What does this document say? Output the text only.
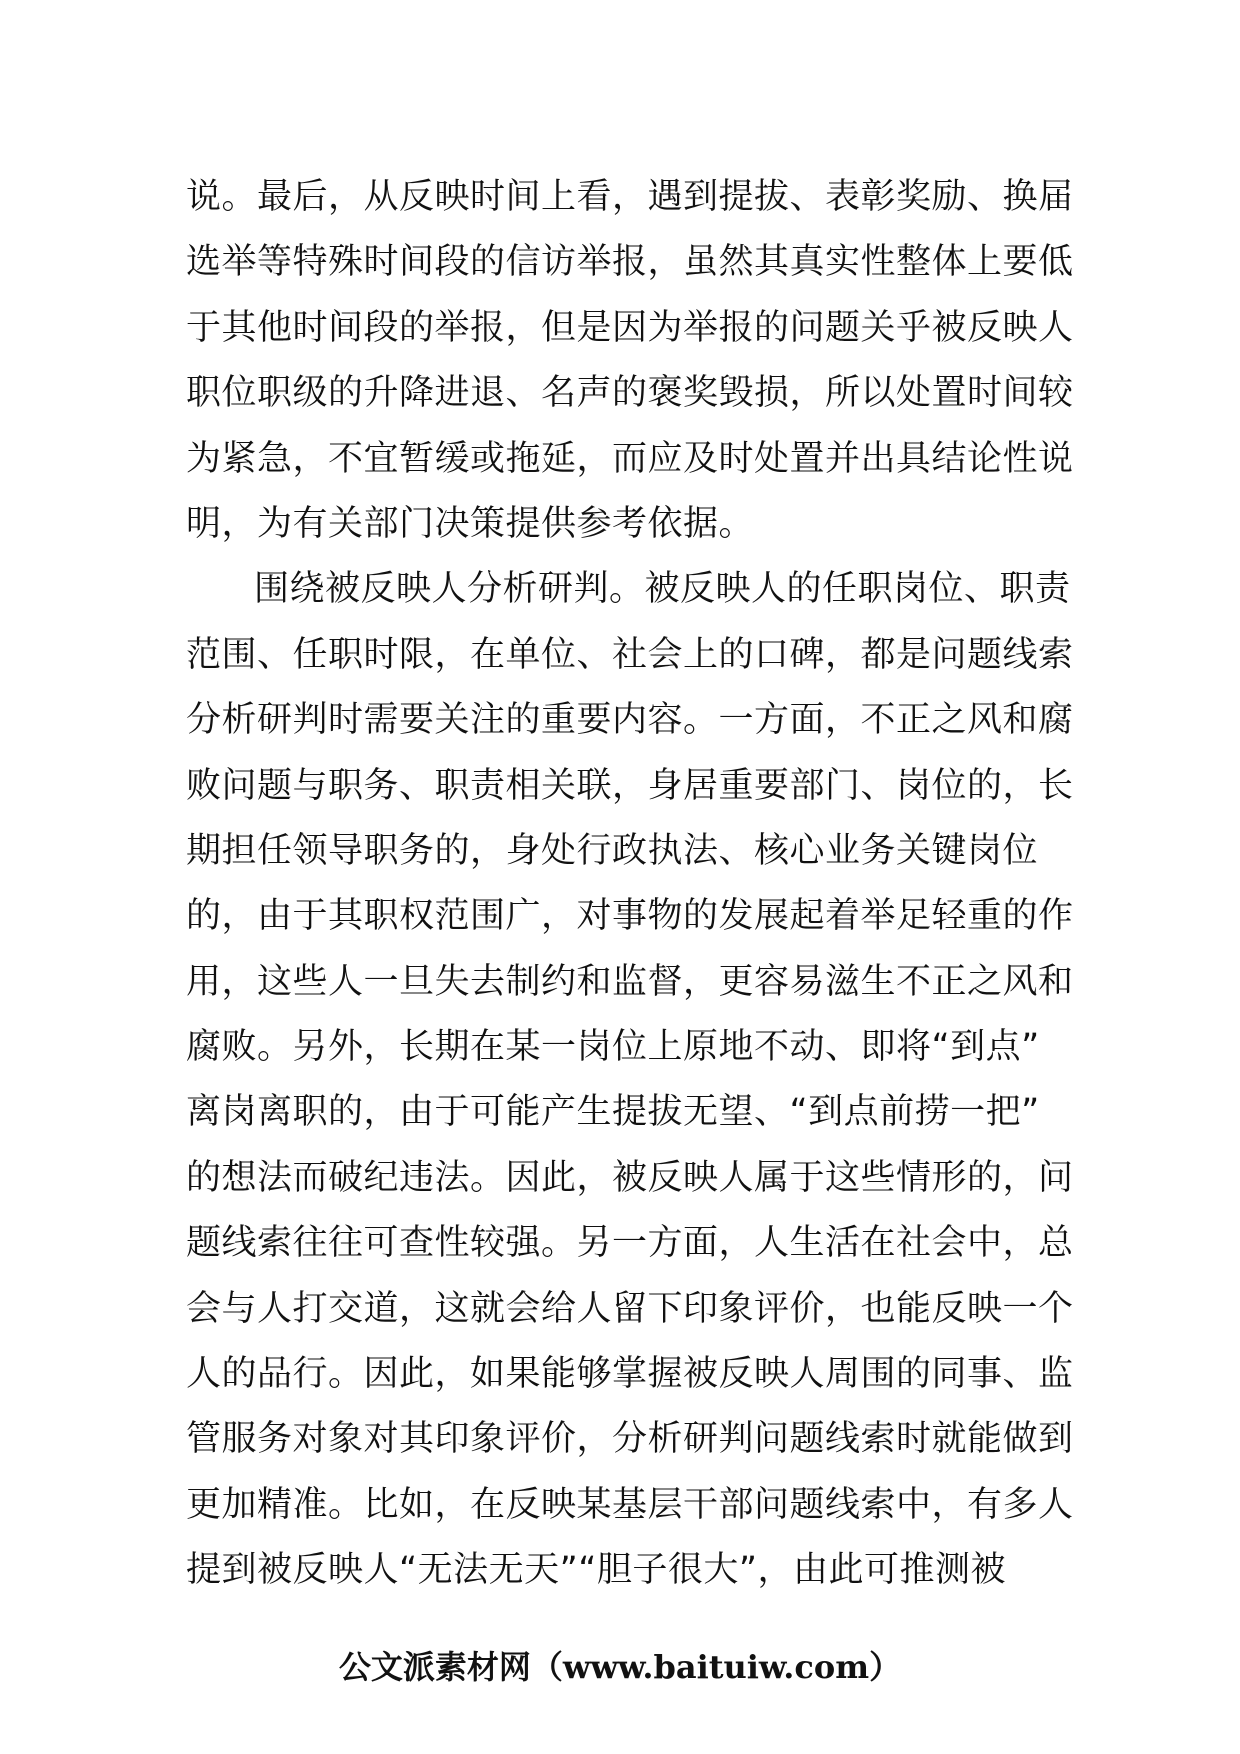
说。最后，从反映时间上看，遇到提拔、表彰奖励、换届
选举等特殊时间段的信访举报，虽然其真实性整体上要低
于其他时间段的举报，但是因为举报的问题关乎被反映人
职位职级的升降进退、名声的褒奖毁损，所以处置时间较
为紧急，不宜暂缓或拖延，而应及时处置并出具结论性说
明，为有关部门决策提供参考依据。
围绕被反映人分析研判。被反映人的任职岗位、职责
范围、任职时限，在单位、社会上的口碑，都是问题线索
分析研判时需要关注的重要内容。一方面，不正之风和腐
败问题与职务、职责相关联，身居重要部门、岗位的，长
期担任领导职务的，身处行政执法、核心业务关键岗位
的，由于其职权范围广，对事物的发展起着举足轻重的作
用，这些人一旦失去制约和监督，更容易滋生不正之风和
腐败。另外，长期在某一岗位上原地不动、即将“到点”
离岗离职的，由于可能产生提拔无望、“到点前捞一把”
的想法而破纪违法。因此，被反映人属于这些情形的，问
题线索往往可查性较强。另一方面，人生活在社会中，总
会与人打交道，这就会给人留下印象评价，也能反映一个
人的品行。因此，如果能够掌握被反映人周围的同事、监
管服务对象对其印象评价，分析研判问题线索时就能做到
更加精准。比如，在反映某基层干部问题线索中，有多人
提到被反映人“无法无天”“胆子很大”，由此可推测被
公文派素材网（www.baituiw.com）
